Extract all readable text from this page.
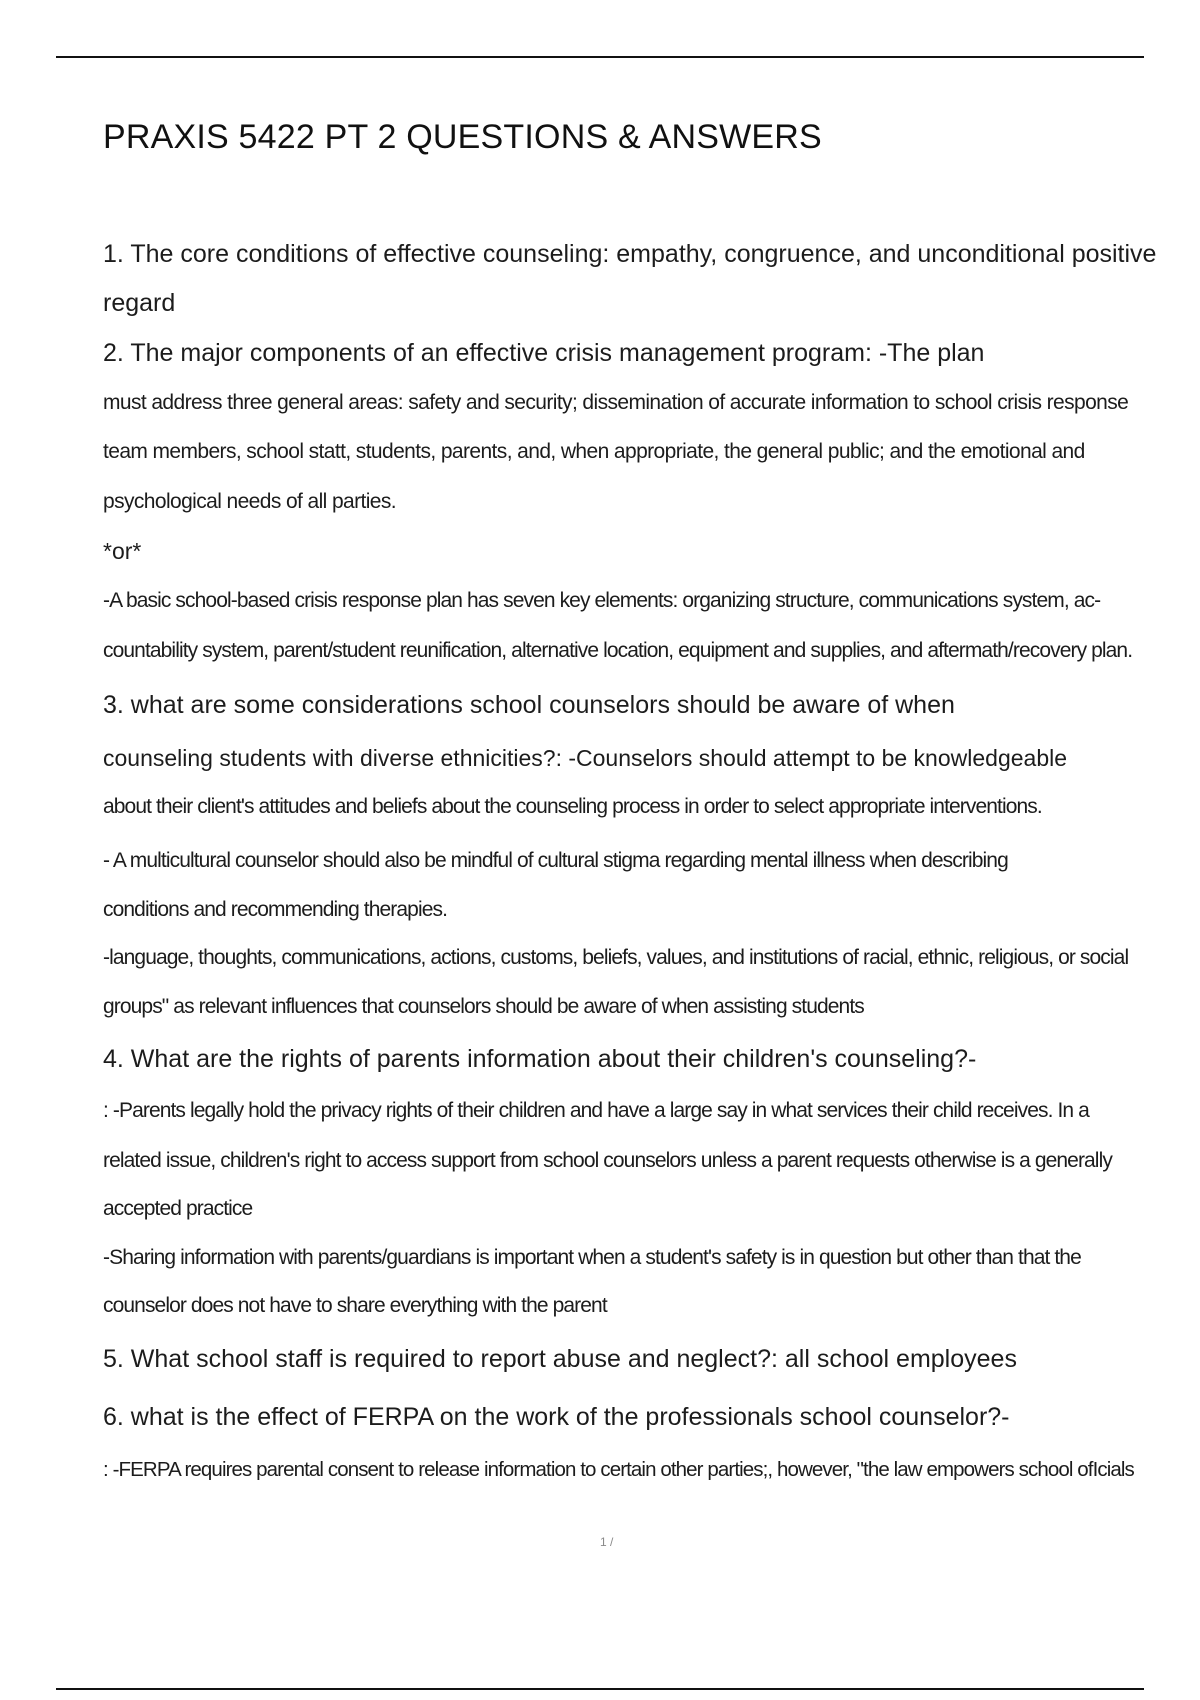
PRAXIS 5422 PT 2 QUESTIONS & ANSWERS
1. The core conditions of effective counseling: empathy, congruence, and unconditional positive
regard
2. The major components of an effective crisis management program: -The plan
must address three general areas: safety and security; dissemination of accurate information to school crisis response
team members, school statt, students, parents, and, when appropriate, the general public; and the emotional and
psychological needs of all parties.
*or*
-A basic school-based crisis response plan has seven key elements: organizing structure, communications system, ac-
countability system, parent/student reunification, alternative location, equipment and supplies, and aftermath/recovery plan.
3. what are some considerations school counselors should be aware of when
counseling students with diverse ethnicities?: -Counselors should attempt to be knowledgeable
about their client's attitudes and beliefs about the counseling process in order to select appropriate interventions.
- A multicultural counselor should also be mindful of cultural stigma regarding mental illness when describing
conditions and recommending therapies.
-language, thoughts, communications, actions, customs, beliefs, values, and institutions of racial, ethnic, religious, or social
groups" as relevant influences that counselors should be aware of when assisting students
4. What are the rights of parents information about their children's counseling?-
: -Parents legally hold the privacy rights of their children and have a large say in what services their child receives. In a
related issue, children's right to access support from school counselors unless a parent requests otherwise is a generally
accepted practice
-Sharing information with parents/guardians is important when a student's safety is in question but other than that the
counselor does not have to share everything with the parent
5. What school staff is required to report abuse and neglect?: all school employees
6. what is the effect of FERPA on the work of the professionals school counselor?-
: -FERPA requires parental consent to release information to certain other parties;, however, "the law empowers school ofIcials
1 /
